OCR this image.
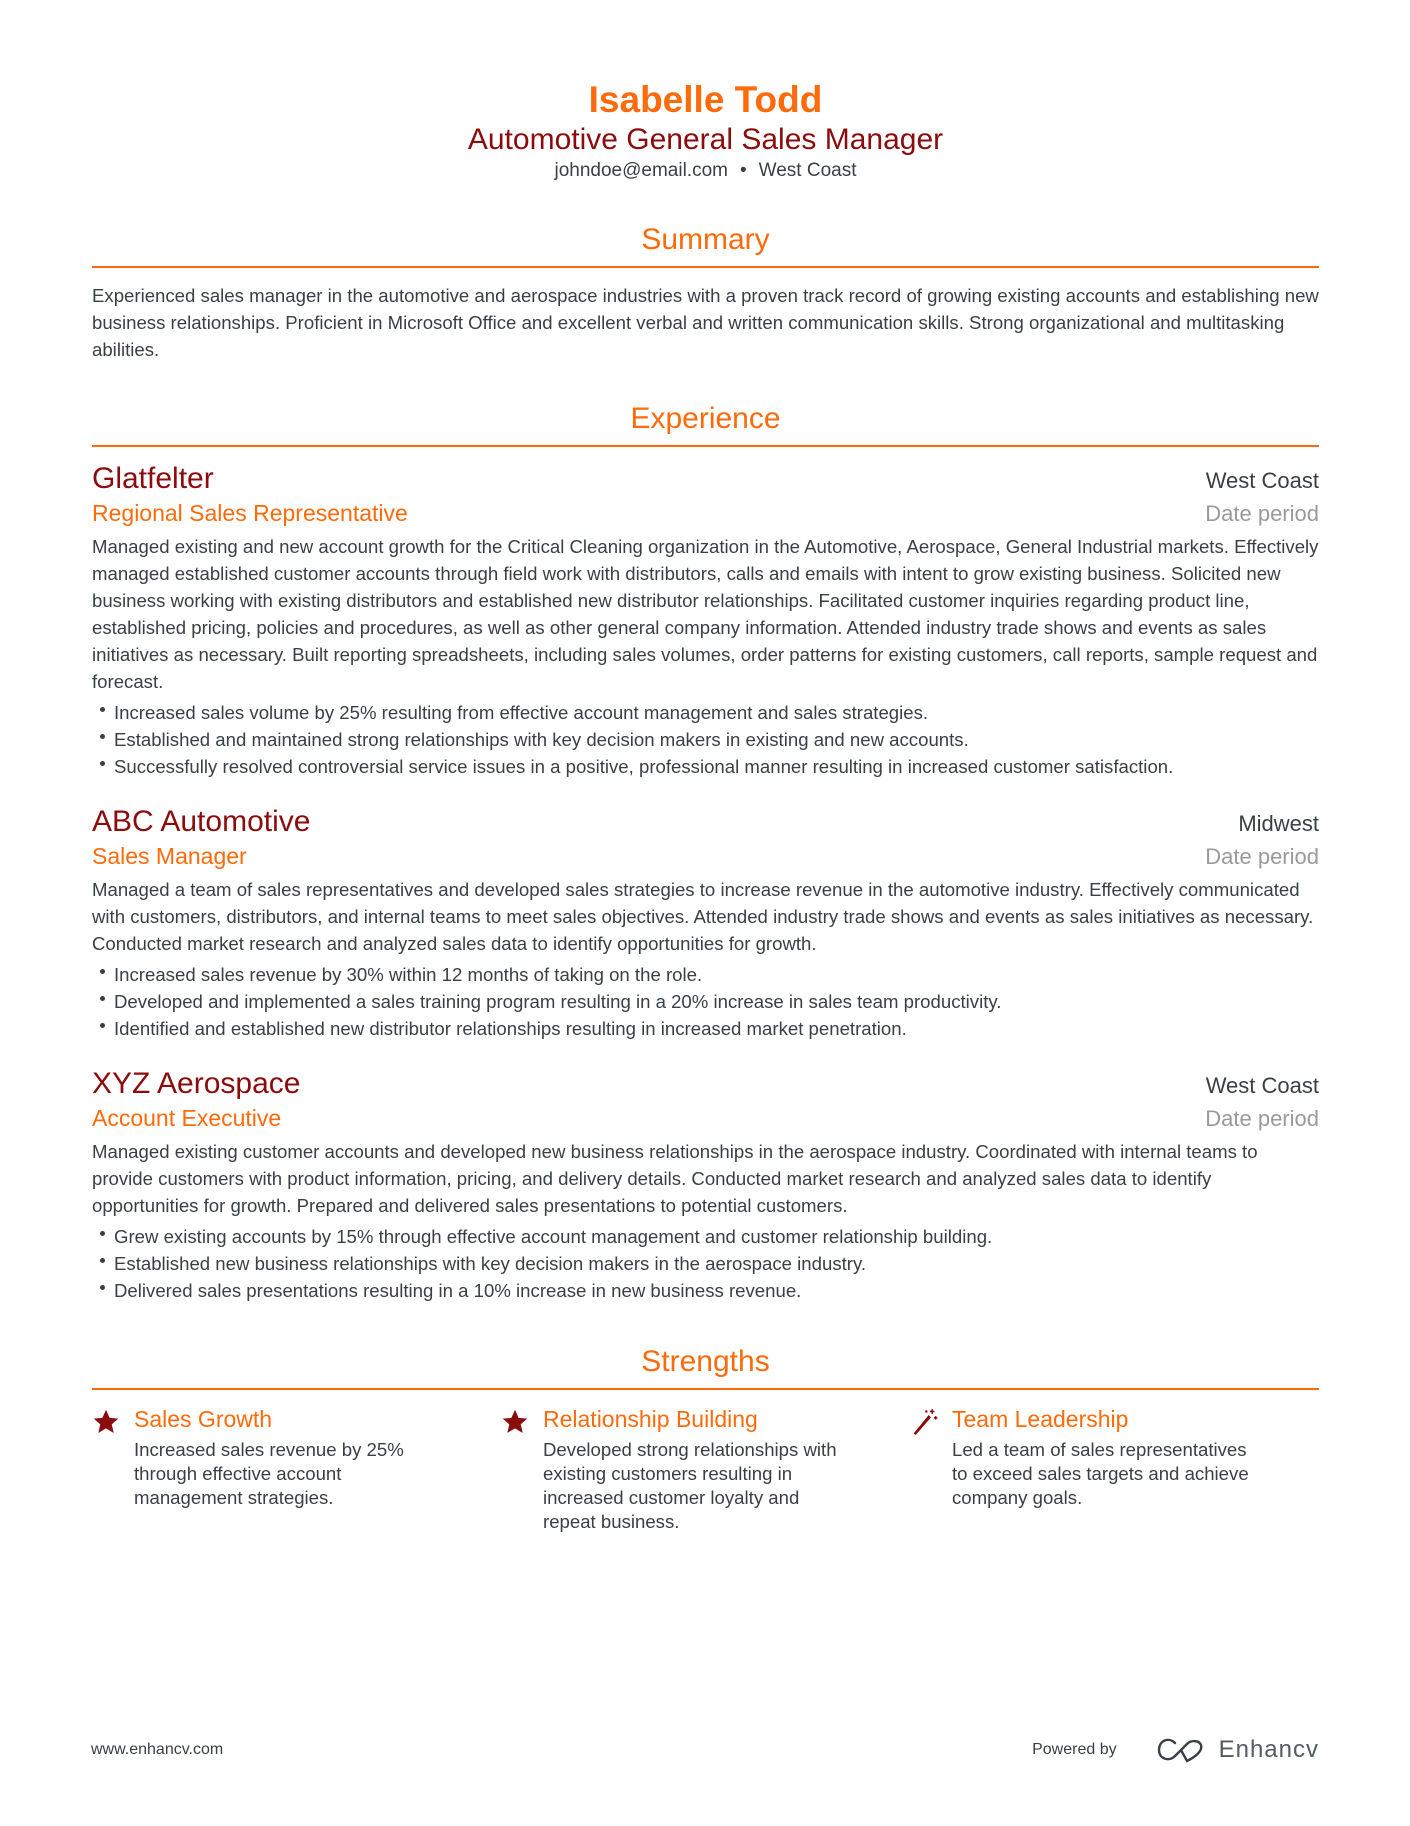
Isabelle Todd
Automotive General Sales Manager
johndoe@email.com • West Coast
Summary

Experienced sales manager in the automotive and aerospace industries with a proven track record of growing existing accounts and establishing new business relationships. Proficient in Microsoft Office and excellent verbal and written communication skills. Strong organizational and multitasking abilities.

Experience
Glatfelter	West Coast
Regional Sales Representative	Date period

Managed existing and new account growth for the Critical Cleaning organization in the Automotive, Aerospace, General Industrial markets. Effectively managed established customer accounts through field work with distributors, calls and emails with intent to grow existing business. Solicited new business working with existing distributors and established new distributor relationships. Facilitated customer inquiries regarding product line, established pricing, policies and procedures, as well as other general company information. Attended industry trade shows and events as sales initiatives as necessary. Built reporting spreadsheets, including sales volumes, order patterns for existing customers, call reports, sample request and forecast.

Increased sales volume by 25% resulting from effective account management and sales strategies.
Established and maintained strong relationships with key decision makers in existing and new accounts.
Successfully resolved controversial service issues in a positive, professional manner resulting in increased customer satisfaction.
ABC Automotive	Midwest
Sales Manager	Date period

Managed a team of sales representatives and developed sales strategies to increase revenue in the automotive industry. Effectively communicated with customers, distributors, and internal teams to meet sales objectives. Attended industry trade shows and events as sales initiatives as necessary. Conducted market research and analyzed sales data to identify opportunities for growth.

Increased sales revenue by 30% within 12 months of taking on the role.
Developed and implemented a sales training program resulting in a 20% increase in sales team productivity.
Identified and established new distributor relationships resulting in increased market penetration.
XYZ Aerospace	West Coast
Account Executive	Date period

Managed existing customer accounts and developed new business relationships in the aerospace industry. Coordinated with internal teams to provide customers with product information, pricing, and delivery details. Conducted market research and analyzed sales data to identify opportunities for growth. Prepared and delivered sales presentations to potential customers.

Grew existing accounts by 15% through effective account management and customer relationship building.
Established new business relationships with key decision makers in the aerospace industry.
Delivered sales presentations resulting in a 10% increase in new business revenue.
Strengths
Sales Growth
Increased sales revenue by 25% through effective account management strategies.
Relationship Building
Developed strong relationships with existing customers resulting in increased customer loyalty and repeat business.
Team Leadership
Led a team of sales representatives to exceed sales targets and achieve company goals.
www.enhancv.com	Powered by	Enhancv
